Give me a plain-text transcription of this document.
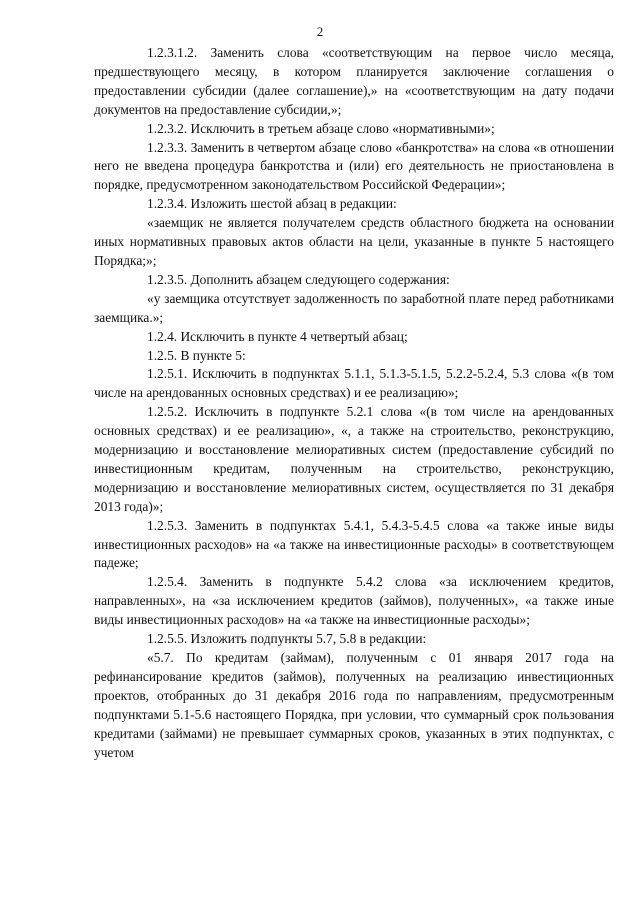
2

1.2.3.1.2. Заменить слова «соответствующим на первое число месяца, предшествующего месяцу, в котором планируется заключение соглашения о предоставлении субсидии (далее соглашение),» на «соответствующим на дату подачи документов на предоставление субсидии,»;

1.2.3.2. Исключить в третьем абзаце слово «нормативными»;

1.2.3.3. Заменить в четвертом абзаце слово «банкротства» на слова «в отношении него не введена процедура банкротства и (или) его деятельность не приостановлена в порядке, предусмотренном законодательством Российской Федерации»;

1.2.3.4. Изложить шестой абзац в редакции:

«заемщик не является получателем средств областного бюджета на основании иных нормативных правовых актов области на цели, указанные в пункте 5 настоящего Порядка;»;

1.2.3.5. Дополнить абзацем следующего содержания:

«у заемщика отсутствует задолженность по заработной плате перед работниками заемщика.»;

1.2.4. Исключить в пункте 4 четвертый абзац;

1.2.5. В пункте 5:

1.2.5.1. Исключить в подпунктах 5.1.1, 5.1.3-5.1.5, 5.2.2-5.2.4, 5.3 слова «(в том числе на арендованных основных средствах) и ее реализацию»;

1.2.5.2. Исключить в подпункте 5.2.1 слова «(в том числе на арендованных основных средствах) и ее реализацию», «, а также на строительство, реконструкцию, модернизацию и восстановление мелиоративных систем (предоставление субсидий по инвестиционным кредитам, полученным на строительство, реконструкцию, модернизацию и восстановление мелиоративных систем, осуществляется по 31 декабря 2013 года)»;

1.2.5.3. Заменить в подпунктах 5.4.1, 5.4.3-5.4.5 слова «а также иные виды инвестиционных расходов» на «а также на инвестиционные расходы» в соответствующем падеже;

1.2.5.4. Заменить в подпункте 5.4.2 слова «за исключением кредитов, направленных», на «за исключением кредитов (займов), полученных», «а также иные виды инвестиционных расходов» на «а также на инвестиционные расходы»;

1.2.5.5. Изложить подпункты 5.7, 5.8 в редакции:

«5.7. По кредитам (займам), полученным с 01 января 2017 года на рефинансирование кредитов (займов), полученных на реализацию инвестиционных проектов, отобранных до 31 декабря 2016 года по направлениям, предусмотренным подпунктами 5.1-5.6 настоящего Порядка, при условии, что суммарный срок пользования кредитами (займами) не превышает суммарных сроков, указанных в этих подпунктах, с учетом
